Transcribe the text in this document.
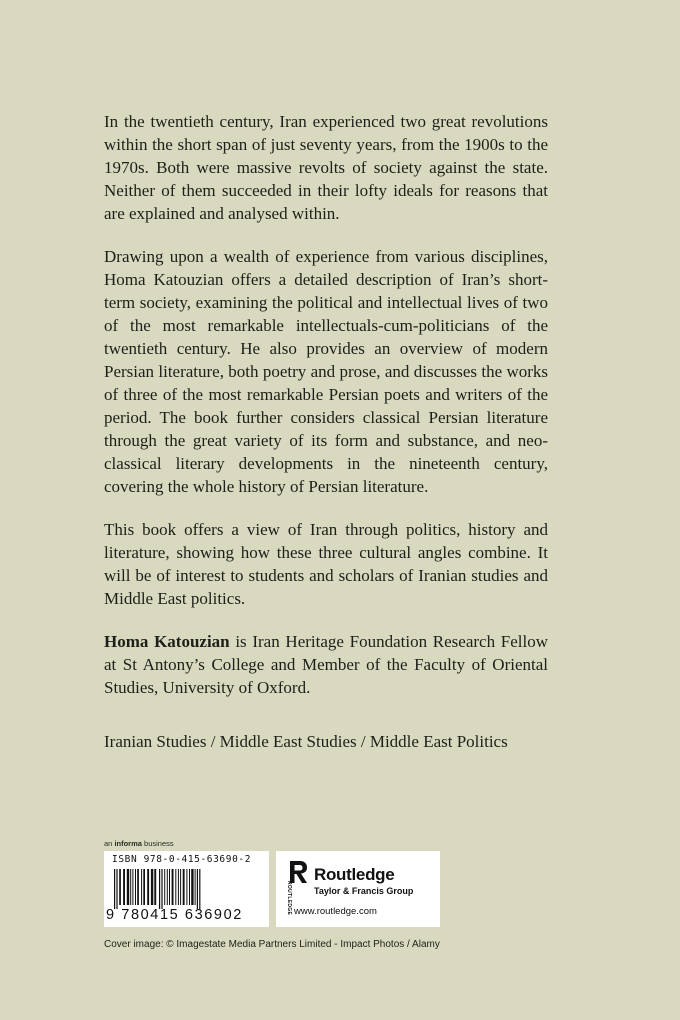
In the twentieth century, Iran experienced two great revolutions within the short span of just seventy years, from the 1900s to the 1970s. Both were massive revolts of society against the state. Neither of them succeeded in their lofty ideals for reasons that are explained and analysed within.

Drawing upon a wealth of experience from various disciplines, Homa Katouzian offers a detailed description of Iran’s short-term society, examining the political and intellectual lives of two of the most remarkable intellectuals-cum-politicians of the twentieth century. He also provides an overview of modern Persian literature, both poetry and prose, and discusses the works of three of the most remarkable Persian poets and writers of the period. The book further considers classical Persian literature through the great variety of its form and substance, and neo-classical literary developments in the nineteenth century, covering the whole history of Persian literature.

This book offers a view of Iran through politics, history and literature, showing how these three cultural angles combine. It will be of interest to students and scholars of Iranian studies and Middle East politics.

Homa Katouzian is Iran Heritage Foundation Research Fellow at St Antony’s College and Member of the Faculty of Oriental Studies, University of Oxford.

Iranian Studies / Middle East Studies / Middle East Politics
an informa business
ISBN 978-0-415-63690-2
9 780415 636902	ROUTLEDGE
Routledge
Taylor & Francis Group
www.routledge.com
Cover image: © Imagestate Media Partners Limited - Impact Photos / Alamy
